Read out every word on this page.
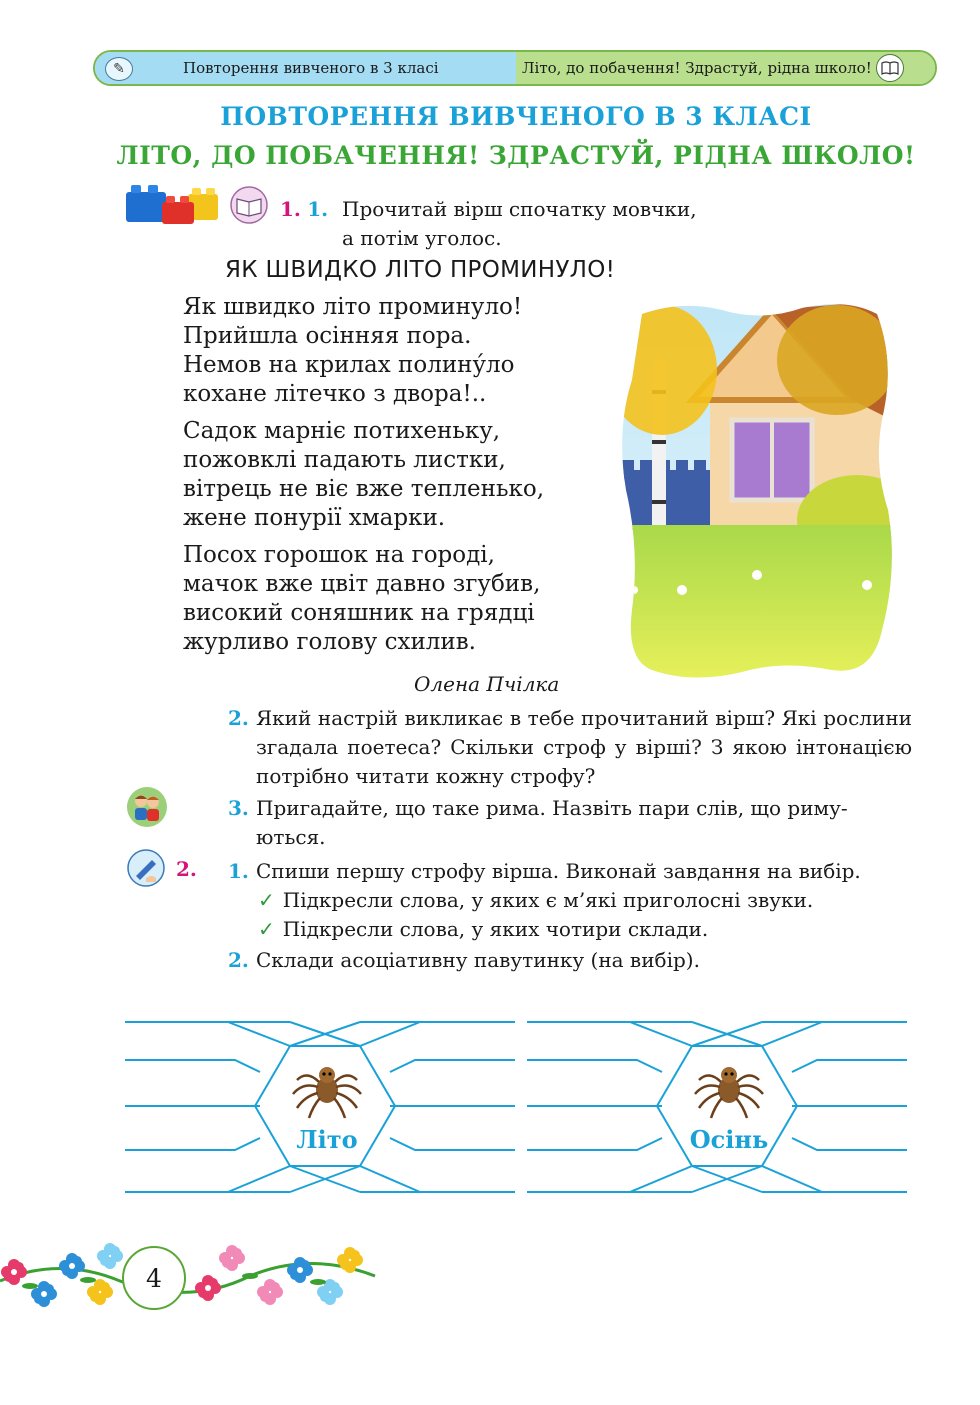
✎	Повторення вивченого в 3 класі	Літо, до побачення! Здрастуй, рідна школо!
ПОВТОРЕННЯ ВИВЧЕНОГО В 3 КЛАСІ
ЛІТО, ДО ПОБАЧЕННЯ! ЗДРАСТУЙ, РІДНА ШКОЛО!
1. 1. Прочитай вірш спочатку мовчки,
а потім уголос.
ЯК ШВИДКО ЛІТО ПРОМИНУЛО!
Як швидко літо проминуло!
Прийшла осінняя пора.
Немов на крилах полину́ло
кохане літечко з двора!..
Садок марніє потихеньку,
пожовклі падають листки,
вітрець не віє вже тепленько,
жене понурії хмарки.
Посох горошок на городі,
мачок вже цвіт давно згубив,
високий соняшник на грядці
журливо голову схилив.
Олена Пчілка
2. Який настрій викликає в тебе прочитаний вірш? Які рослини згадала поетеса? Скільки строф у вірші? З якою інтонацією потрібно читати кожну строфу?
3. Пригадайте, що таке рима. Назвіть пари слів, що риму-
ються.
2. 1. Спиши першу строфу вірша. Виконай завдання на вибір.
✓ Підкресли слова, у яких є м’які приголосні звуки.
✓ Підкресли слова, у яких чотири склади.
2. Склади асоціативну павутинку (на вибір).
Літо	Осінь
4
